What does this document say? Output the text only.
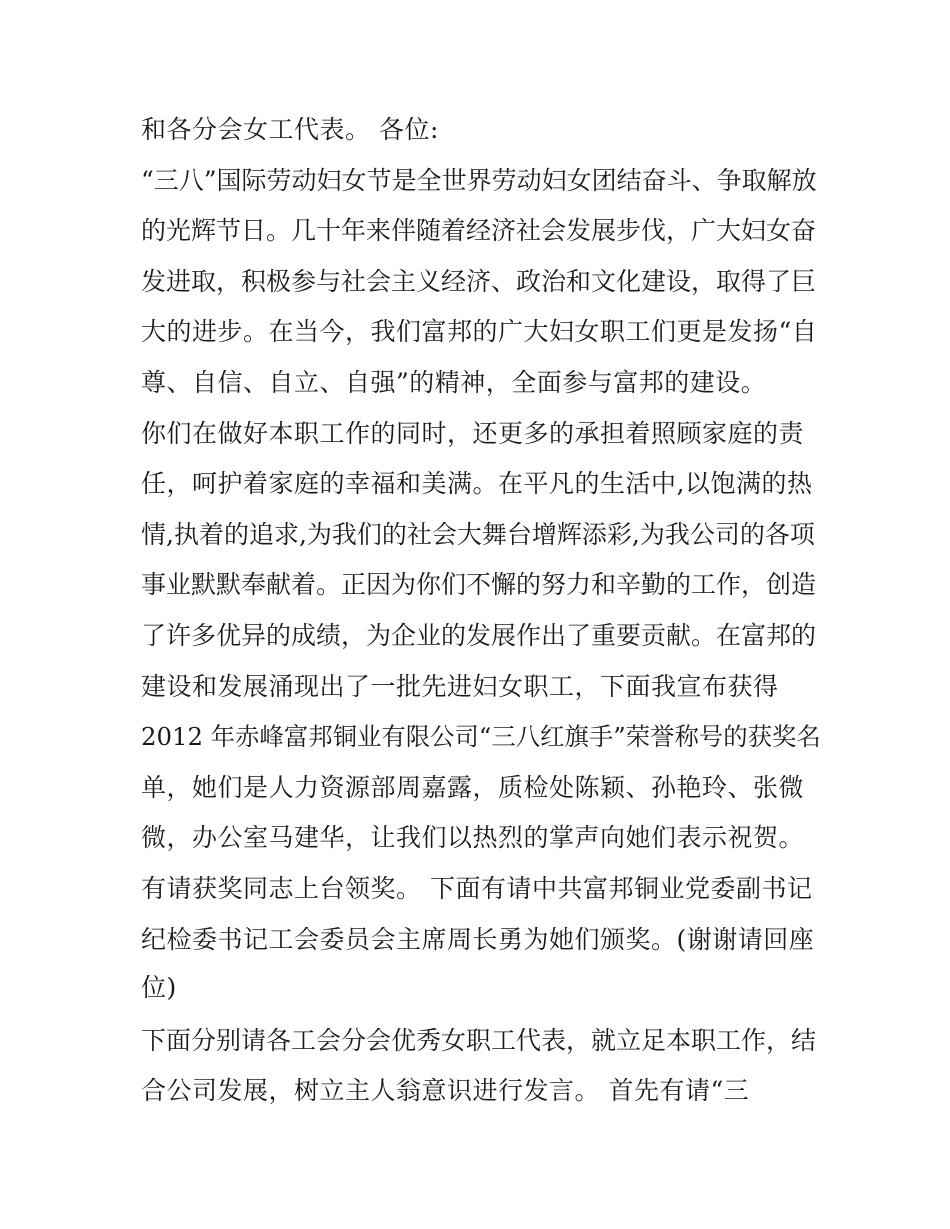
和各分会女工代表。 各位:
“三八”国际劳动妇女节是全世界劳动妇女团结奋斗、争取解放
的光辉节日。几十年来伴随着经济社会发展步伐，广大妇女奋
发进取，积极参与社会主义经济、政治和文化建设，取得了巨
大的进步。在当今，我们富邦的广大妇女职工们更是发扬“自
尊、自信、自立、自强”的精神，全面参与富邦的建设。
你们在做好本职工作的同时，还更多的承担着照顾家庭的责
任，呵护着家庭的幸福和美满。在平凡的生活中,以饱满的热
情,执着的追求,为我们的社会大舞台增辉添彩,为我公司的各项
事业默默奉献着。正因为你们不懈的努力和辛勤的工作，创造
了许多优异的成绩，为企业的发展作出了重要贡献。在富邦的
建设和发展涌现出了一批先进妇女职工，下面我宣布获得
2012 年赤峰富邦铜业有限公司“三八红旗手”荣誉称号的获奖名
单，她们是人力资源部周嘉露，质检处陈颖、孙艳玲、张微
微，办公室马建华，让我们以热烈的掌声向她们表示祝贺。
有请获奖同志上台领奖。 下面有请中共富邦铜业党委副书记
纪检委书记工会委员会主席周长勇为她们颁奖。(谢谢请回座
位)
下面分别请各工会分会优秀女职工代表，就立足本职工作，结
合公司发展，树立主人翁意识进行发言。 首先有请“三
